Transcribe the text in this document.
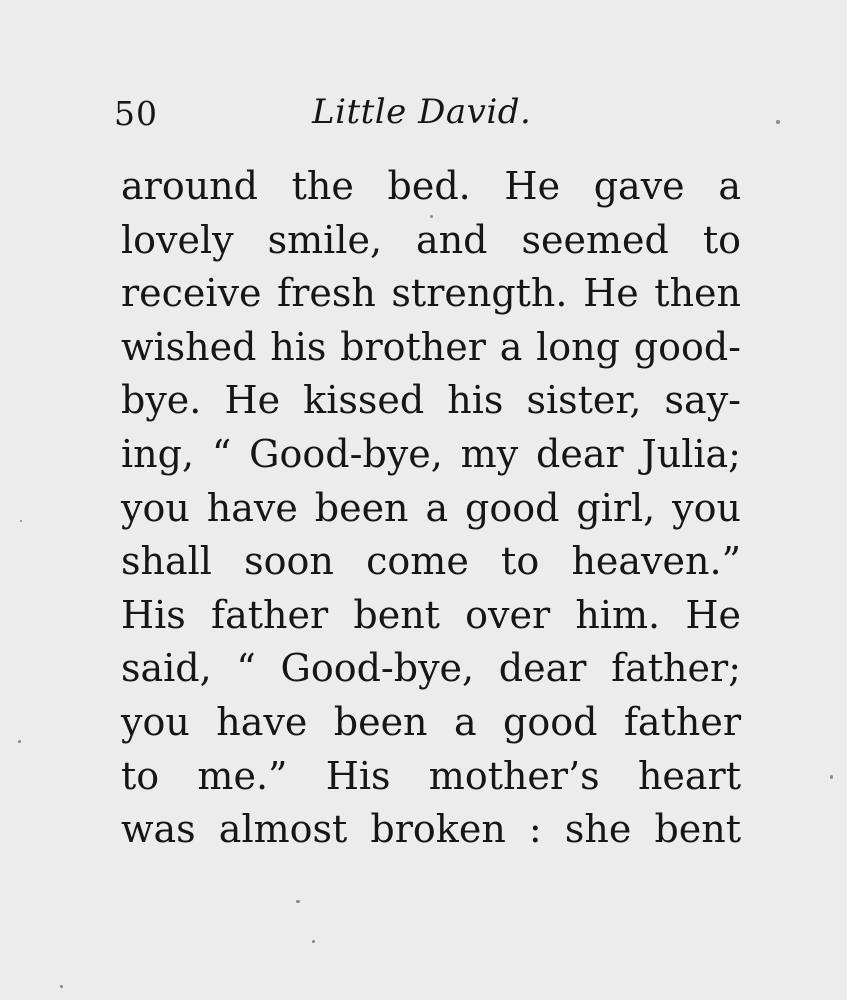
50	Little David.
around the bed. He gave a
lovely smile, and seemed to
receive fresh strength. He then
wished his brother a long good-
bye. He kissed his sister, say-
ing, “ Good-bye, my dear Julia;
you have been a good girl, you
shall soon come to heaven.”
His father bent over him. He
said, “ Good-bye, dear father;
you have been a good father
to me.” His mother’s heart
was almost broken : she bent
